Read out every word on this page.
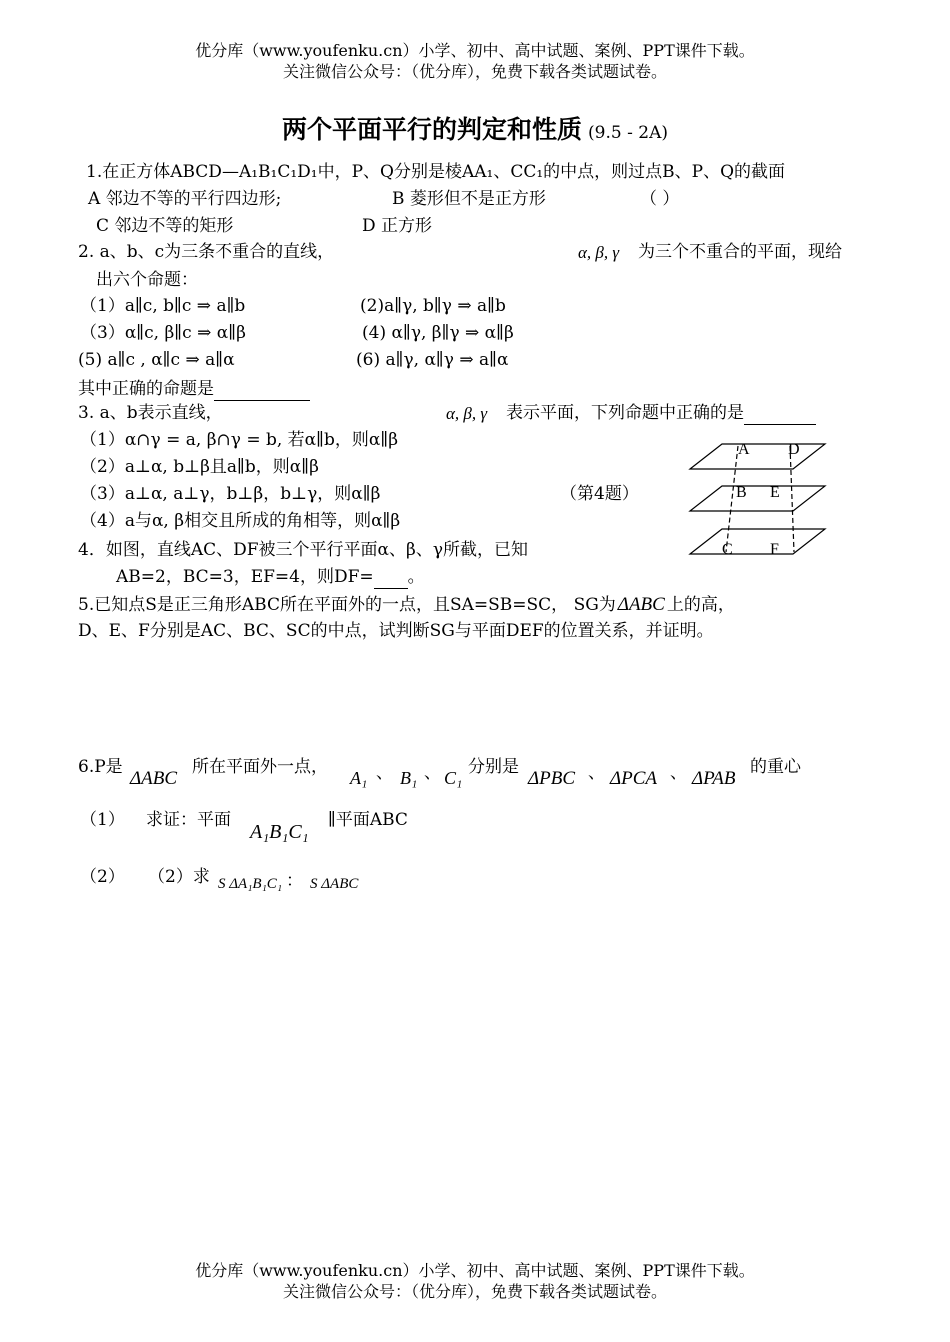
优分库（www.youfenku.cn）小学、初中、高中试题、案例、PPT课件下载。
关注微信公众号：（优分库），免费下载各类试题试卷。
两个平面平行的判定和性质 (9.5 - 2A)
1.在正方体ABCD—A₁B₁C₁D₁中，P、Q分别是棱AA₁、CC₁的中点，则过点B、P、Q的截面
A 邻边不等的平行四边形;	B 菱形但不是正方形	（ ）
C 邻边不等的矩形	D 正方形
2. a、b、c为三条不重合的直线，	α, β, γ 为三个不重合的平面，现给
出六个命题：
（1）a∥c, b∥c ⇒ a∥b	(2)a∥γ, b∥γ ⇒ a∥b
（3）α∥c, β∥c ⇒ α∥β	(4) α∥γ, β∥γ ⇒ α∥β
(5) a∥c , α∥c ⇒ a∥α	(6) a∥γ, α∥γ ⇒ a∥α
其中正确的命题是
3. a、b表示直线，	α, β, γ 表示平面，下列命题中正确的是
（1）α∩γ = a, β∩γ = b, 若α∥b，则α∥β
（2）a⊥α, b⊥β且a∥b，则α∥β
（3）a⊥α, a⊥γ，b⊥β，b⊥γ，则α∥β
（4）a与α, β相交且所成的角相等，则α∥β
（第4题）
A D
B E
C F
4．如图，直线AC、DF被三个平行平面α、β、γ所截，已知
AB=2，BC=3，EF=4，则DF= 。
5.已知点S是正三角形ABC所在平面外的一点，且SA=SB=SC， SG为 ΔABC 上的高，
D、E、F分别是AC、BC、SC的中点，试判断SG与平面DEF的位置关系，并证明。
6.P是
ΔABC
所在平面外一点，
A₁ 、 B₁ 、 C₁
分别是
ΔPBC 、 ΔPCA 、 ΔPAB
的重心
（1） 求证：平面
A₁B₁C₁
∥平面ABC
（2） （2）求 S ΔA₁B₁C₁ ： S ΔABC
优分库（www.youfenku.cn）小学、初中、高中试题、案例、PPT课件下载。
关注微信公众号：（优分库），免费下载各类试题试卷。
